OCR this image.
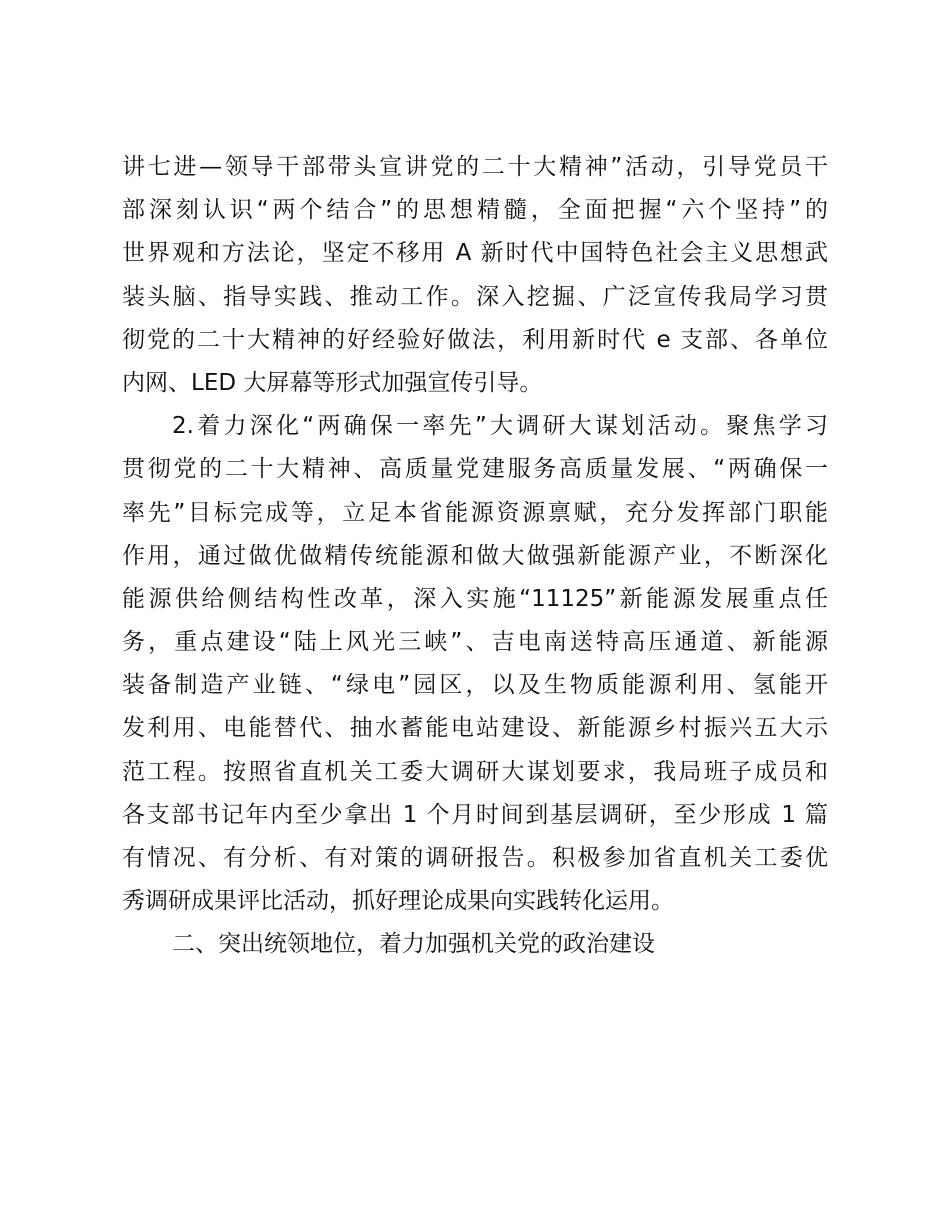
讲七进—领导干部带头宣讲党的二十大精神”活动，引导党员干
部深刻认识“两个结合”的思想精髓，全面把握“六个坚持”的
世界观和方法论，坚定不移用 A 新时代中国特色社会主义思想武
装头脑、指导实践、推动工作。深入挖掘、广泛宣传我局学习贯
彻党的二十大精神的好经验好做法，利用新时代 e 支部、各单位
内网、LED 大屏幕等形式加强宣传引导。
2.着力深化“两确保一率先”大调研大谋划活动。聚焦学习
贯彻党的二十大精神、高质量党建服务高质量发展、“两确保一
率先”目标完成等，立足本省能源资源禀赋，充分发挥部门职能
作用，通过做优做精传统能源和做大做强新能源产业，不断深化
能源供给侧结构性改革，深入实施“11125”新能源发展重点任
务，重点建设“陆上风光三峡”、吉电南送特高压通道、新能源
装备制造产业链、“绿电”园区，以及生物质能源利用、氢能开
发利用、电能替代、抽水蓄能电站建设、新能源乡村振兴五大示
范工程。按照省直机关工委大调研大谋划要求，我局班子成员和
各支部书记年内至少拿出 1 个月时间到基层调研，至少形成 1 篇
有情况、有分析、有对策的调研报告。积极参加省直机关工委优
秀调研成果评比活动，抓好理论成果向实践转化运用。
二、突出统领地位，着力加强机关党的政治建设
